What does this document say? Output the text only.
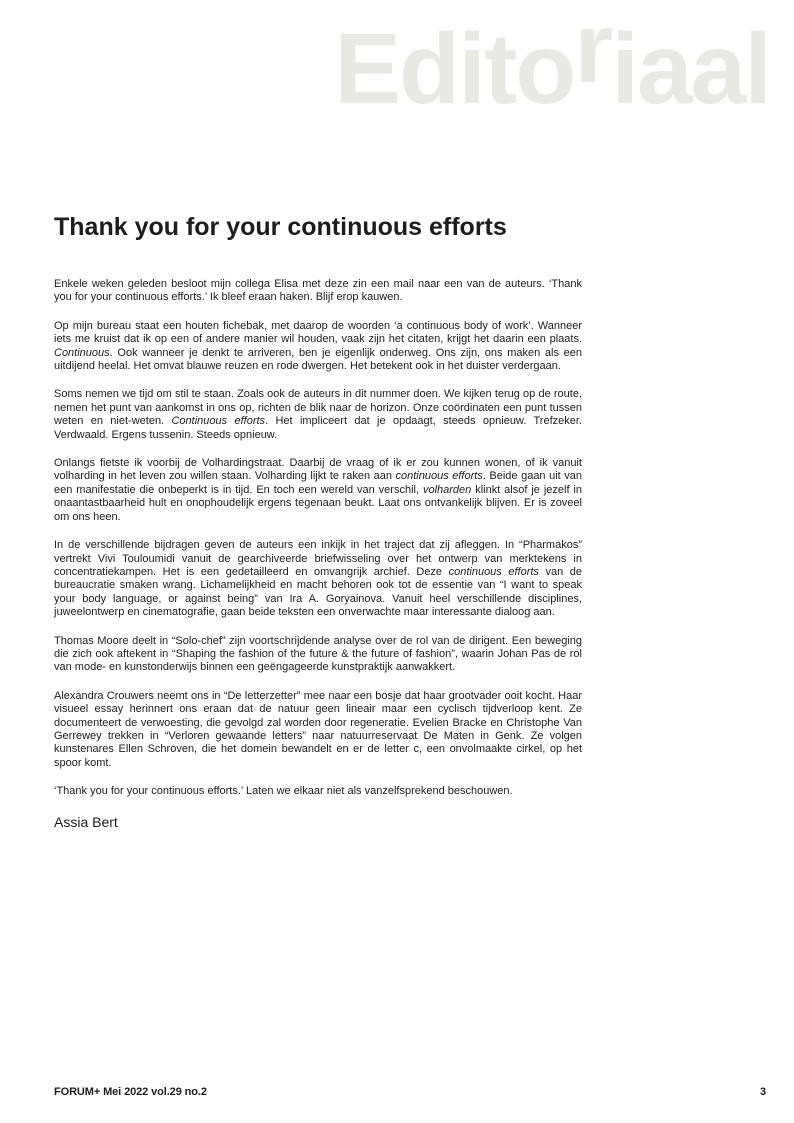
Editoriaal
Thank you for your continuous efforts

Enkele weken geleden besloot mijn collega Elisa met deze zin een mail naar een van de auteurs. ‘Thank you for your continuous efforts.’ Ik bleef eraan haken. Blijf erop kauwen.

Op mijn bureau staat een houten fichebak, met daarop de woorden ‘a continuous body of work’. Wanneer iets me kruist dat ik op een of andere manier wil houden, vaak zijn het citaten, krijgt het daarin een plaats. Continuous. Ook wanneer je denkt te arriveren, ben je eigenlijk onderweg. Ons zijn, ons maken als een uitdijend heelal. Het omvat blauwe reuzen en rode dwergen. Het betekent ook in het duister verdergaan.

Soms nemen we tijd om stil te staan. Zoals ook de auteurs in dit nummer doen. We kijken terug op de route, nemen het punt van aankomst in ons op, richten de blik naar de horizon. Onze coördinaten een punt tussen weten en niet-weten. Continuous efforts. Het impliceert dat je opdaagt, steeds opnieuw. Trefzeker. Verdwaald. Ergens tussenin. Steeds opnieuw.

Onlangs fietste ik voorbij de Volhardingstraat. Daarbij de vraag of ik er zou kunnen wonen, of ik vanuit volharding in het leven zou willen staan. Volharding lijkt te raken aan continuous efforts. Beide gaan uit van een manifestatie die onbeperkt is in tijd. En toch een wereld van verschil, volharden klinkt alsof je jezelf in onaantastbaarheid hult en onophoudelijk ergens tegenaan beukt. Laat ons ontvankelijk blijven. Er is zoveel om ons heen.

In de verschillende bijdragen geven de auteurs een inkijk in het traject dat zij afleggen. In “Pharmakos” vertrekt Vivi Touloumidi vanuit de gearchiveerde briefwisseling over het ontwerp van merktekens in concentratiekampen. Het is een gedetailleerd en omvangrijk archief. Deze continuous efforts van de bureaucratie smaken wrang. Lichamelijkheid en macht behoren ook tot de essentie van “I want to speak your body language, or against being” van Ira A. Goryainova. Vanuit heel verschillende disciplines, juweelontwerp en cinematografie, gaan beide teksten een onverwachte maar interessante dialoog aan.

Thomas Moore deelt in “Solo-chef” zijn voortschrijdende analyse over de rol van de dirigent. Een beweging die zich ook aftekent in “Shaping the fashion of the future & the future of fashion”, waarin Johan Pas de rol van mode- en kunstonderwijs binnen een geëngageerde kunstpraktijk aanwakkert.

Alexandra Crouwers neemt ons in “De letterzetter” mee naar een bosje dat haar grootvader ooit kocht. Haar visueel essay herinnert ons eraan dat de natuur geen lineair maar een cyclisch tijdverloop kent. Ze documenteert de verwoesting, die gevolgd zal worden door regeneratie. Evelien Bracke en Christophe Van Gerrewey trekken in “Verloren gewaande letters” naar natuurreservaat De Maten in Genk. Ze volgen kunstenares Ellen Schroven, die het domein bewandelt en er de letter c, een onvolmaakte cirkel, op het spoor komt.

‘Thank you for your continuous efforts.’ Laten we elkaar niet als vanzelfsprekend beschouwen.

Assia Bert
FORUM+ Mei 2022 vol.29 no.2	3
